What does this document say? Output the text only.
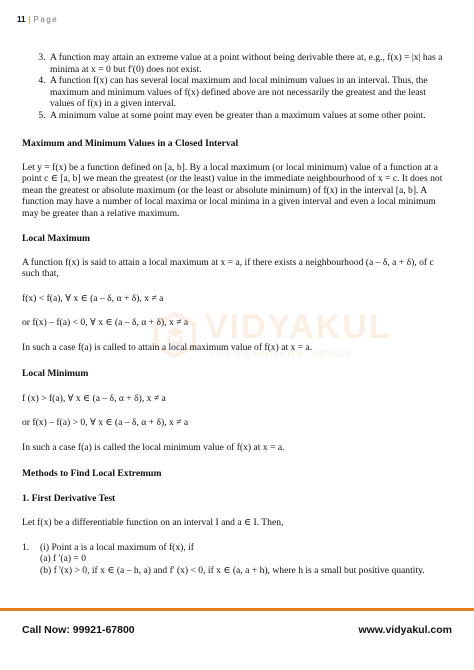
11 | Page
VIDYAKUL
THE LEARNERS' SPACE
3. A function may attain an extreme value at a point without being derivable there at, e.g., f(x) = |x| has a minima at x = 0 but f'(0) does not exist.
4. A function f(x) can has several local maximum and local minimum values in an interval. Thus, the maximum and minimum values of f(x) defined above are not necessarily the greatest and the least values of f(x) in a given interval.
5. A minimum value at some point may even be greater than a maximum values at some other point.

Maximum and Minimum Values in a Closed Interval

Let y = f(x) be a function defined on [a, b]. By a local maximum (or local minimum) value of a function at a point c ∈ [a, b] we mean the greatest (or the least) value in the immediate neighbourhood of x = c. It does not mean the greatest or absolute maximum (or the least or absolute minimum) of f(x) in the interval [a, b]. A function may have a number of local maxima or local minima in a given interval and even a local minimum may be greater than a relative maximum.

Local Maximum

A function f(x) is said to attain a local maximum at x = a, if there exists a neighbourhood (a – δ, a + δ), of c such that,

f(x) < f(a), ∀ x ∈ (a – δ, α + δ), x ≠ a

or f(x) – f(a) < 0, ∀ x ∈ (a – δ, α + δ), x ≠ a

In such a case f(a) is called to attain a local maximum value of f(x) at x = a.

Local Minimum

f (x) > f(a), ∀ x ∈ (a – δ, α + δ), x ≠ a

or f(x) – f(a) > 0, ∀ x ∈ (a – δ, α + δ), x ≠ a

In such a case f(a) is called the local minimum value of f(x) at x = a.

Methods to Find Local Extremum

1. First Derivative Test

Let f(x) be a differentiable function on an interval I and a ∈ I. Then,

1. (i) Point a is a local maximum of f(x), if

(a) f '(a) = 0

(b) f '(x) > 0, if x ∈ (a – h, a) and f' (x) < 0, if x ∈ (a, a + h), where h is a small but positive quantity.

Call Now: 99921-67800	www.vidyakul.com
